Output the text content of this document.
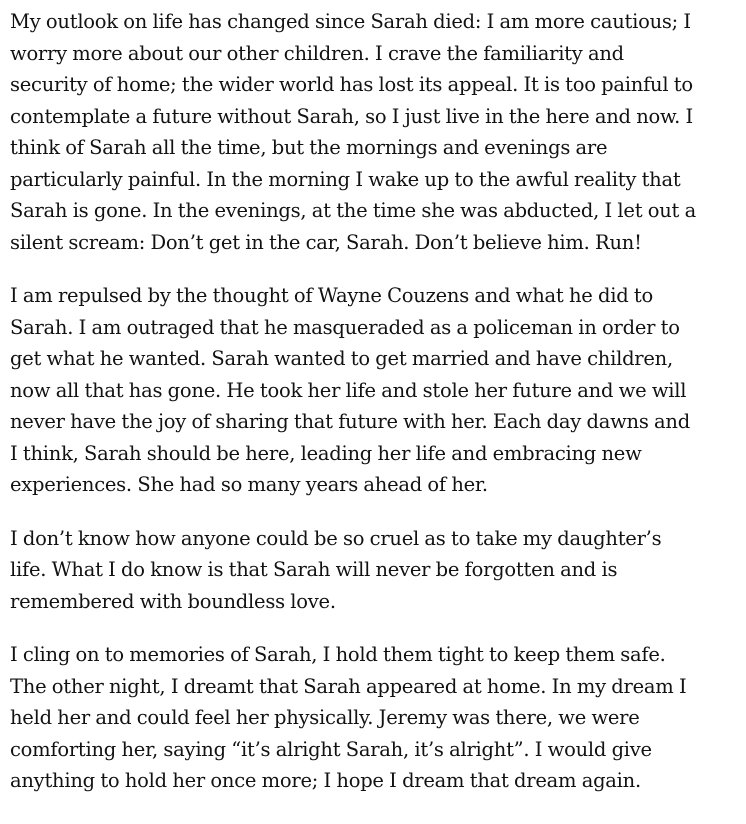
My outlook on life has changed since Sarah died: I am more cautious; I
worry more about our other children. I crave the familiarity and
security of home; the wider world has lost its appeal. It is too painful to
contemplate a future without Sarah, so I just live in the here and now. I
think of Sarah all the time, but the mornings and evenings are
particularly painful. In the morning I wake up to the awful reality that
Sarah is gone. In the evenings, at the time she was abducted, I let out a
silent scream: Don’t get in the car, Sarah. Don’t believe him. Run!

I am repulsed by the thought of Wayne Couzens and what he did to
Sarah. I am outraged that he masqueraded as a policeman in order to
get what he wanted. Sarah wanted to get married and have children,
now all that has gone. He took her life and stole her future and we will
never have the joy of sharing that future with her. Each day dawns and
I think, Sarah should be here, leading her life and embracing new
experiences. She had so many years ahead of her.

I don’t know how anyone could be so cruel as to take my daughter’s
life. What I do know is that Sarah will never be forgotten and is
remembered with boundless love.

I cling on to memories of Sarah, I hold them tight to keep them safe.
The other night, I dreamt that Sarah appeared at home. In my dream I
held her and could feel her physically. Jeremy was there, we were
comforting her, saying “it’s alright Sarah, it’s alright”. I would give
anything to hold her once more; I hope I dream that dream again.
